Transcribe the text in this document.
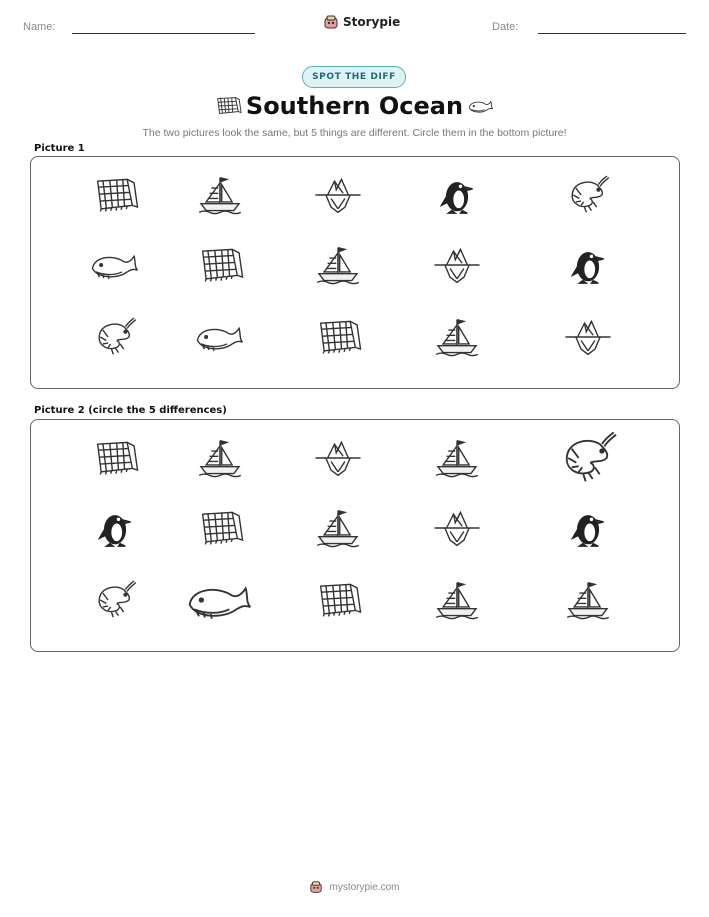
Name:	Storypie	Date:
SPOT THE DIFF
Southern Ocean
The two pictures look the same, but 5 things are different. Circle them in the bottom picture!
Picture 1
Picture 2 (circle the 5 differences)
mystorypie.com
